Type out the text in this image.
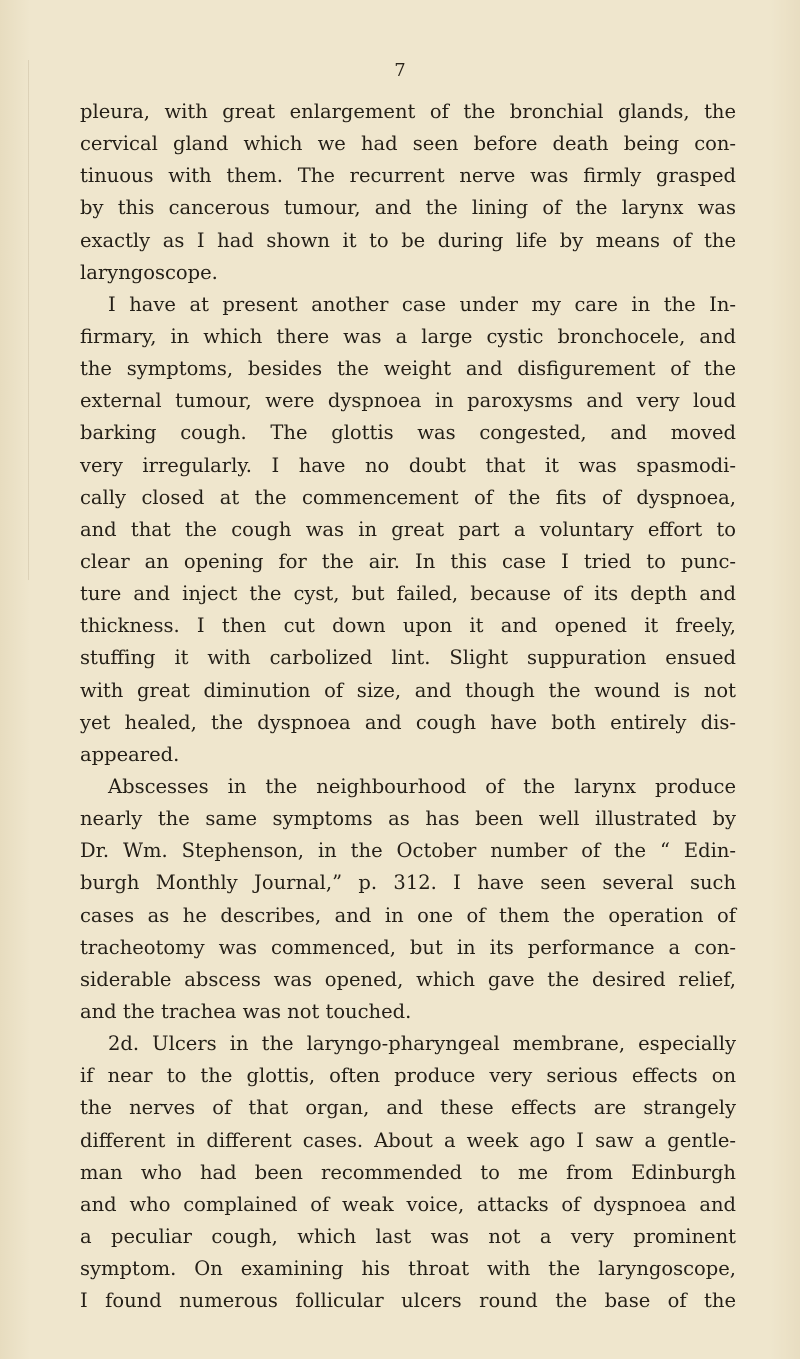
7
pleura, with great enlargement of the bronchial glands, the
cervical gland which we had seen before death being con-
tinuous with them. The recurrent nerve was firmly grasped
by this cancerous tumour, and the lining of the larynx was
exactly as I had shown it to be during life by means of the
laryngoscope.
I have at present another case under my care in the In-
firmary, in which there was a large cystic bronchocele, and
the symptoms, besides the weight and disfigurement of the
external tumour, were dyspnoea in paroxysms and very loud
barking cough. The glottis was congested, and moved
very irregularly. I have no doubt that it was spasmodi-
cally closed at the commencement of the fits of dyspnoea,
and that the cough was in great part a voluntary effort to
clear an opening for the air. In this case I tried to punc-
ture and inject the cyst, but failed, because of its depth and
thickness. I then cut down upon it and opened it freely,
stuffing it with carbolized lint. Slight suppuration ensued
with great diminution of size, and though the wound is not
yet healed, the dyspnoea and cough have both entirely dis-
appeared.
Abscesses in the neighbourhood of the larynx produce
nearly the same symptoms as has been well illustrated by
Dr. Wm. Stephenson, in the October number of the “ Edin-
burgh Monthly Journal,” p. 312. I have seen several such
cases as he describes, and in one of them the operation of
tracheotomy was commenced, but in its performance a con-
siderable abscess was opened, which gave the desired relief,
and the trachea was not touched.
2d. Ulcers in the laryngo-pharyngeal membrane, especially
if near to the glottis, often produce very serious effects on
the nerves of that organ, and these effects are strangely
different in different cases. About a week ago I saw a gentle-
man who had been recommended to me from Edinburgh
and who complained of weak voice, attacks of dyspnoea and
a peculiar cough, which last was not a very prominent
symptom. On examining his throat with the laryngoscope,
I found numerous follicular ulcers round the base of the
